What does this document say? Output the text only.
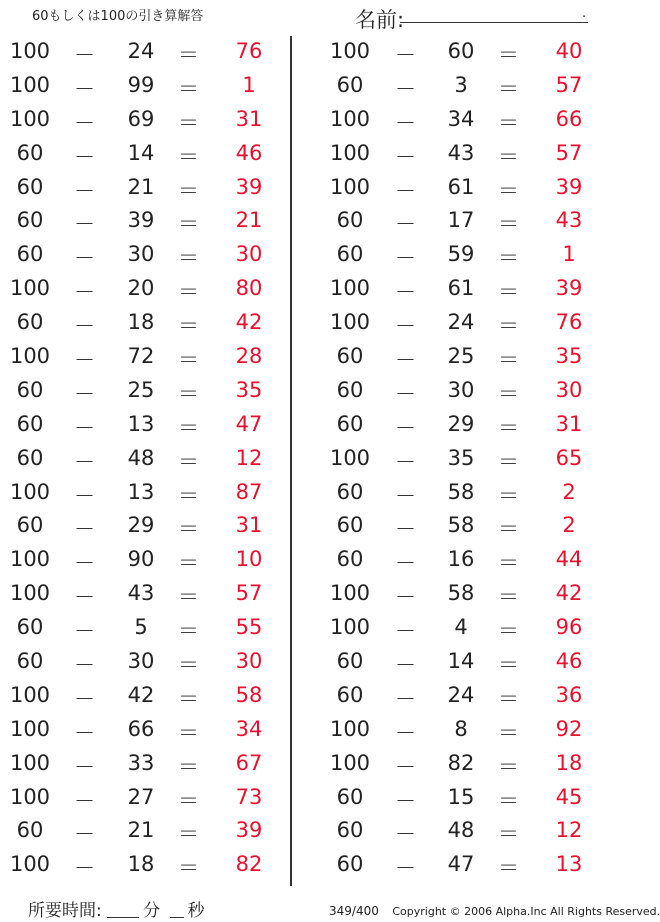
60もしくは100の引き算解答	名前:	.
100	－	24	＝	76
100	－	99	＝	1
100	－	69	＝	31
60	－	14	＝	46
60	－	21	＝	39
60	－	39	＝	21
60	－	30	＝	30
100	－	20	＝	80
60	－	18	＝	42
100	－	72	＝	28
60	－	25	＝	35
60	－	13	＝	47
60	－	48	＝	12
100	－	13	＝	87
60	－	29	＝	31
100	－	90	＝	10
100	－	43	＝	57
60	－	5	＝	55
60	－	30	＝	30
100	－	42	＝	58
100	－	66	＝	34
100	－	33	＝	67
100	－	27	＝	73
60	－	21	＝	39
100	－	18	＝	82
100	－	60	＝	40
60	－	3	＝	57
100	－	34	＝	66
100	－	43	＝	57
100	－	61	＝	39
60	－	17	＝	43
60	－	59	＝	1
100	－	61	＝	39
100	－	24	＝	76
60	－	25	＝	35
60	－	30	＝	30
60	－	29	＝	31
100	－	35	＝	65
60	－	58	＝	2
60	－	58	＝	2
60	－	16	＝	44
100	－	58	＝	42
100	－	4	＝	96
60	－	14	＝	46
60	－	24	＝	36
100	－	8	＝	92
100	－	82	＝	18
60	－	15	＝	45
60	－	48	＝	12
60	－	47	＝	13
所要時間: 分 秒	349/400 Copyright © 2006 Alpha.Inc All Rights Reserved.
